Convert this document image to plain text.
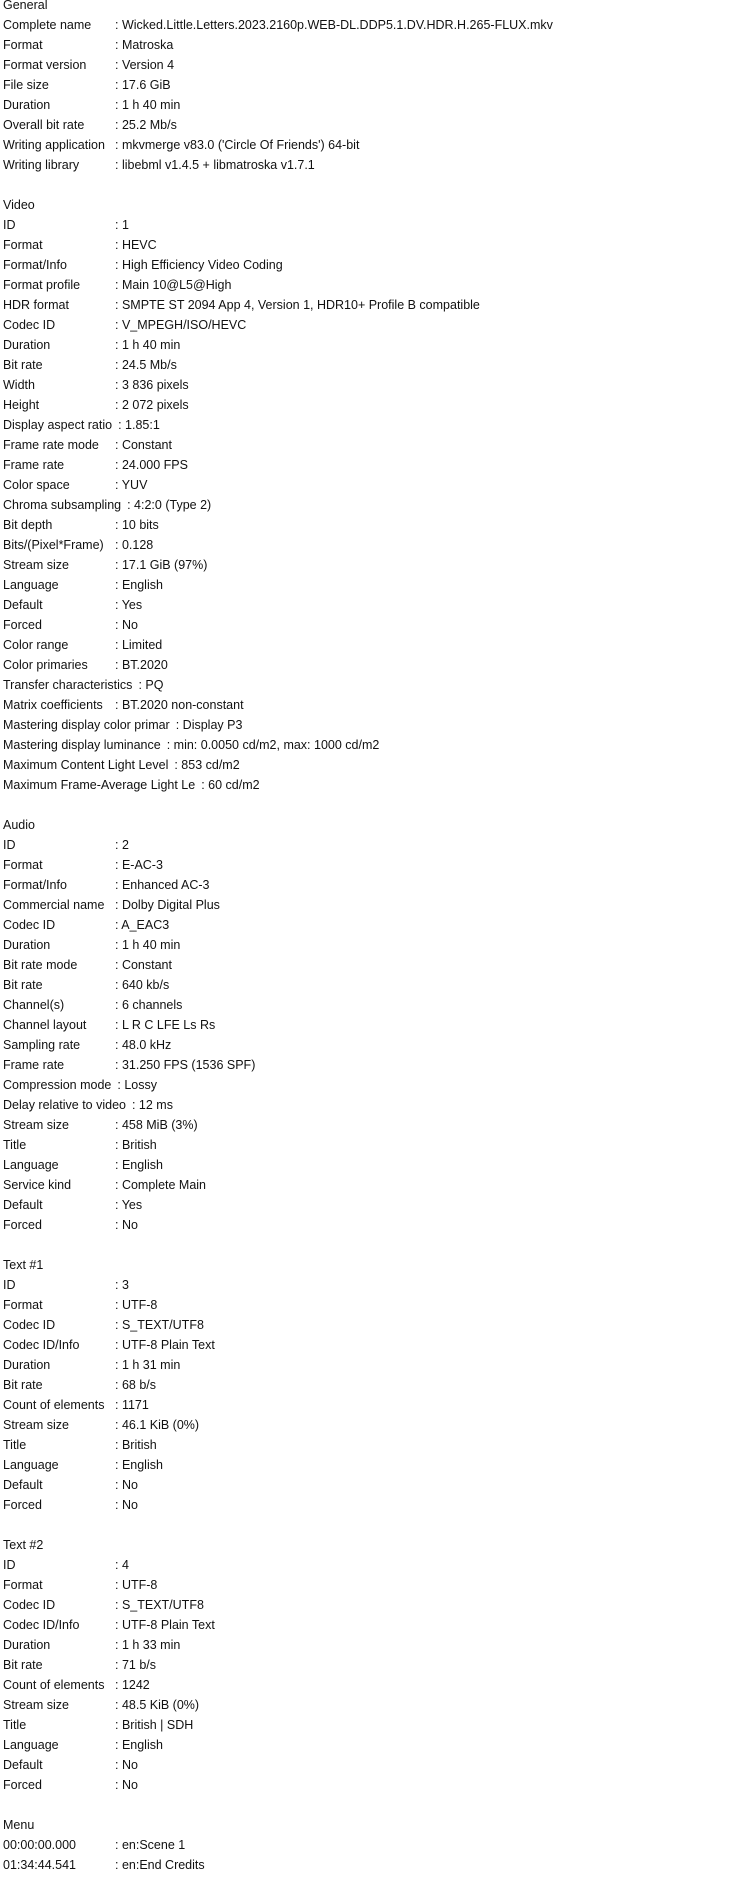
General
Complete name : Wicked.Little.Letters.2023.2160p.WEB-DL.DDP5.1.DV.HDR.H.265-FLUX.mkv
Format	: Matroska
Format version : Version 4
File size	: 17.6 GiB
Duration	: 1 h 40 min
Overall bit rate : 25.2 Mb/s
Writing application : mkvmerge v83.0 ('Circle Of Friends') 64-bit
Writing library	: libebml v1.4.5 + libmatroska v1.7.1
Video
ID	: 1
Format	: HEVC
Format/Info	: High Efficiency Video Coding
Format profile	: Main 10@L5@High
HDR format	: SMPTE ST 2094 App 4, Version 1, HDR10+ Profile B compatible
Codec ID	: V_MPEGH/ISO/HEVC
Duration	: 1 h 40 min
Bit rate	: 24.5 Mb/s
Width	: 3 836 pixels
Height	: 2 072 pixels
Display aspect ratio : 1.85:1
Frame rate mode : Constant
Frame rate	: 24.000 FPS
Color space	: YUV
Chroma subsampling : 4:2:0 (Type 2)
Bit depth	: 10 bits
Bits/(Pixel*Frame) : 0.128
Stream size	: 17.1 GiB (97%)
Language	: English
Default	: Yes
Forced	: No
Color range	: Limited
Color primaries : BT.2020
Transfer characteristics : PQ
Matrix coefficients : BT.2020 non-constant
Mastering display color primar : Display P3
Mastering display luminance : min: 0.0050 cd/m2, max: 1000 cd/m2
Maximum Content Light Level : 853 cd/m2
Maximum Frame-Average Light Le : 60 cd/m2
Audio
ID	: 2
Format	: E-AC-3
Format/Info	: Enhanced AC-3
Commercial name : Dolby Digital Plus
Codec ID	: A_EAC3
Duration	: 1 h 40 min
Bit rate mode	: Constant
Bit rate	: 640 kb/s
Channel(s)	: 6 channels
Channel layout : L R C LFE Ls Rs
Sampling rate	: 48.0 kHz
Frame rate	: 31.250 FPS (1536 SPF)
Compression mode : Lossy
Delay relative to video : 12 ms
Stream size	: 458 MiB (3%)
Title	: British
Language	: English
Service kind	: Complete Main
Default	: Yes
Forced	: No
Text #1
ID	: 3
Format	: UTF-8
Codec ID	: S_TEXT/UTF8
Codec ID/Info	: UTF-8 Plain Text
Duration	: 1 h 31 min
Bit rate	: 68 b/s
Count of elements : 1171
Stream size	: 46.1 KiB (0%)
Title	: British
Language	: English
Default	: No
Forced	: No
Text #2
ID	: 4
Format	: UTF-8
Codec ID	: S_TEXT/UTF8
Codec ID/Info	: UTF-8 Plain Text
Duration	: 1 h 33 min
Bit rate	: 71 b/s
Count of elements : 1242
Stream size	: 48.5 KiB (0%)
Title	: British | SDH
Language	: English
Default	: No
Forced	: No
Menu
00:00:00.000	: en:Scene 1
01:34:44.541	: en:End Credits
